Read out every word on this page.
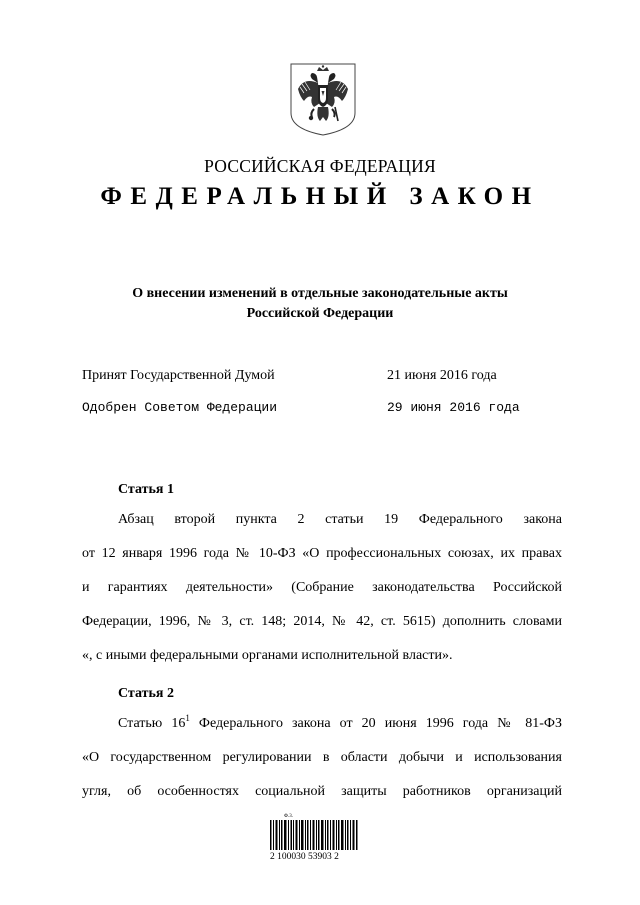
РОССИЙСКАЯ ФЕДЕРАЦИЯ
ФЕДЕРАЛЬНЫЙ ЗАКОН
О внесении изменений в отдельные законодательные акты
Российской Федерации
Принят Государственной Думой	21 июня 2016 года
Одобрен Советом Федерации	29 июня 2016 года
Статья 1
Абзац второй пункта 2 статьи 19 Федерального закона
от 12 января 1996 года № 10-ФЗ «О профессиональных союзах, их правах
и гарантиях деятельности» (Собрание законодательства Российской
Федерации, 1996, № 3, ст. 148; 2014, № 42, ст. 5615) дополнить словами
«, с иными федеральными органами исполнительной власти».
Статья 2
Статью $16^1$ Федерального закона от 20 июня 1996 года № 81-ФЗ
«О государственном регулировании в области добычи и использования
угля, об особенностях социальной защиты работников организаций
Ф.3.
2 100030 53903 2
